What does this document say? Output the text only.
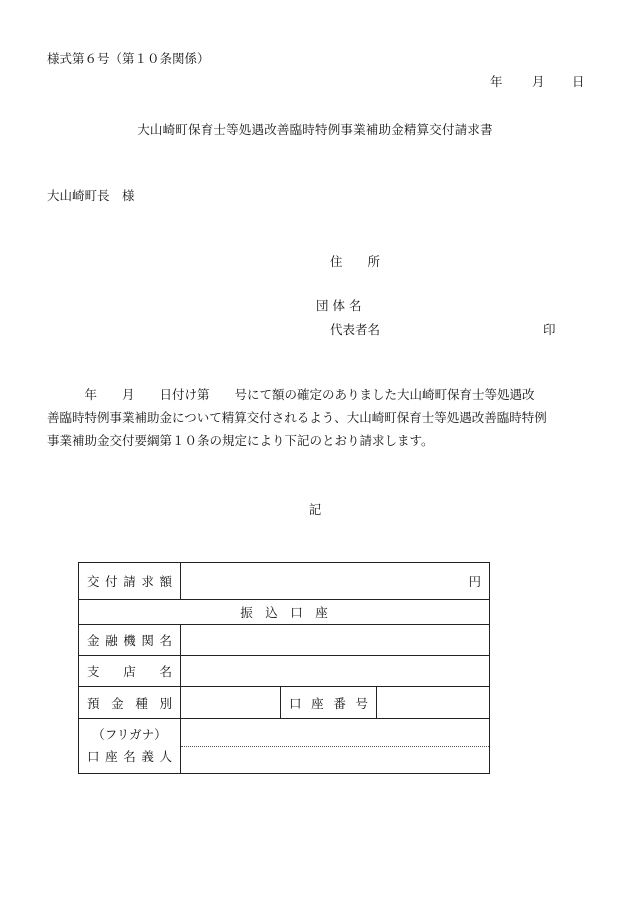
様式第６号（第１０条関係）
年 月 日
大山崎町保育士等処遇改善臨時特例事業補助金精算交付請求書
大山崎町長　様
住　　所
団 体 名
代表者名	印
　　　年　　月　　日付け第　　号にて額の確定のありました大山崎町保育士等処遇改
善臨時特例事業補助金について精算交付されるよう、大山崎町保育士等処遇改善臨時特例
事業補助金交付要綱第１０条の規定により下記のとおり請求します。
記
交付請求額	円		
振　込　口　座			
金融機関名			
支店名			
預金種別		口座番号	

（フリガナ）
口座名義人			
